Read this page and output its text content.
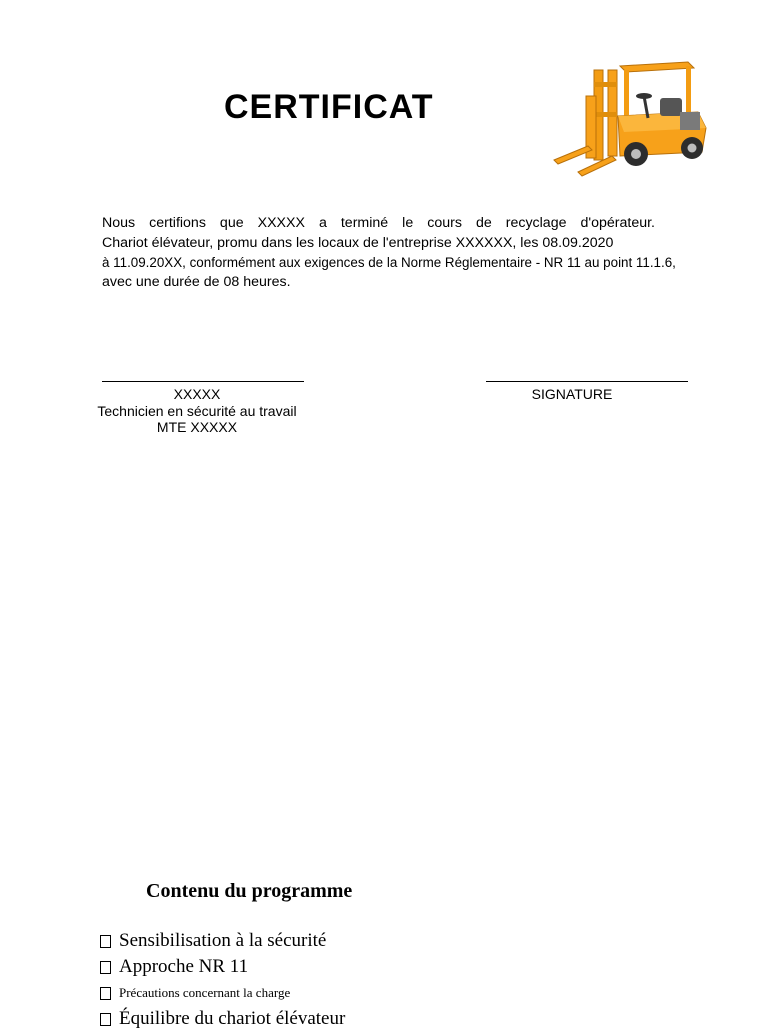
CERTIFICAT
Nous certifions que XXXXX a terminé le cours de recyclage d'opérateur.
Chariot élévateur, promu dans les locaux de l'entreprise XXXXXX, les 08.09.2020
à 11.09.20XX, conformément aux exigences de la Norme Réglementaire - NR 11 au point 11.1.6,
avec une durée de 08 heures.
XXXXX
Technicien en sécurité au travail
MTE XXXXX
SIGNATURE
Contenu du programme
Sensibilisation à la sécurité
Approche NR 11
Précautions concernant la charge
Équilibre du chariot élévateur
